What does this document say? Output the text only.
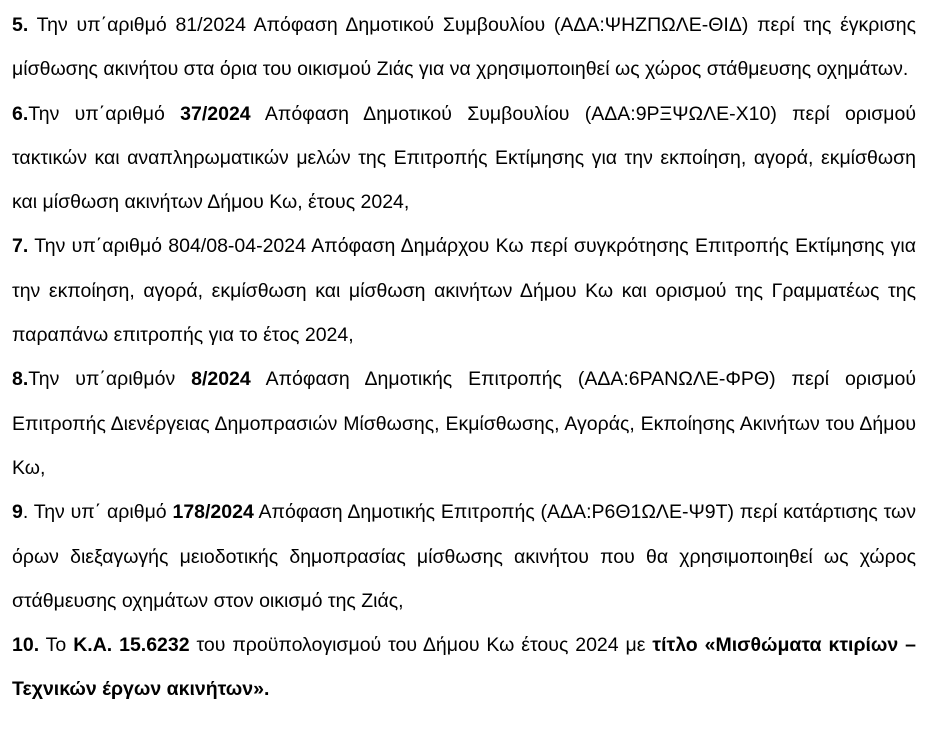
5. Την υπ΄αριθμό 81/2024 Απόφαση Δημοτικού Συμβουλίου (ΑΔΑ:ΨΗΖΠΩΛΕ-ΘΙΔ) περί της έγκρισης μίσθωσης ακινήτου στα όρια του οικισμού Ζιάς για να χρησιμοποιηθεί ως χώρος στάθμευσης οχημάτων.

6.Την υπ΄αριθμό 37/2024 Απόφαση Δημοτικού Συμβουλίου (ΑΔΑ:9ΡΞΨΩΛΕ-Χ10) περί ορισμού τακτικών και αναπληρωματικών μελών της Επιτροπής Εκτίμησης για την εκποίηση, αγορά, εκμίσθωση και μίσθωση ακινήτων Δήμου Κω, έτους 2024,

7. Την υπ΄αριθμό 804/08-04-2024 Απόφαση Δημάρχου Κω περί συγκρότησης Επιτροπής Εκτίμησης για την εκποίηση, αγορά, εκμίσθωση και μίσθωση ακινήτων Δήμου Κω και ορισμού της Γραμματέως της παραπάνω επιτροπής για το έτος 2024,

8.Την υπ΄αριθμόν 8/2024 Απόφαση Δημοτικής Επιτροπής (ΑΔΑ:6ΡΑΝΩΛΕ-ΦΡΘ) περί ορισμού Επιτροπής Διενέργειας Δημοπρασιών Μίσθωσης, Εκμίσθωσης, Αγοράς, Εκποίησης Ακινήτων του Δήμου Κω,

9. Την υπ΄ αριθμό 178/2024 Απόφαση Δημοτικής Επιτροπής (ΑΔΑ:Ρ6Θ1ΩΛΕ-Ψ9Τ) περί κατάρτισης των όρων διεξαγωγής μειοδοτικής δημοπρασίας μίσθωσης ακινήτου που θα χρησιμοποιηθεί ως χώρος στάθμευσης οχημάτων στον οικισμό της Ζιάς,

10. Το Κ.Α. 15.6232 του προϋπολογισμού του Δήμου Κω έτους 2024 με τίτλο «Μισθώματα κτιρίων – Τεχνικών έργων ακινήτων».
